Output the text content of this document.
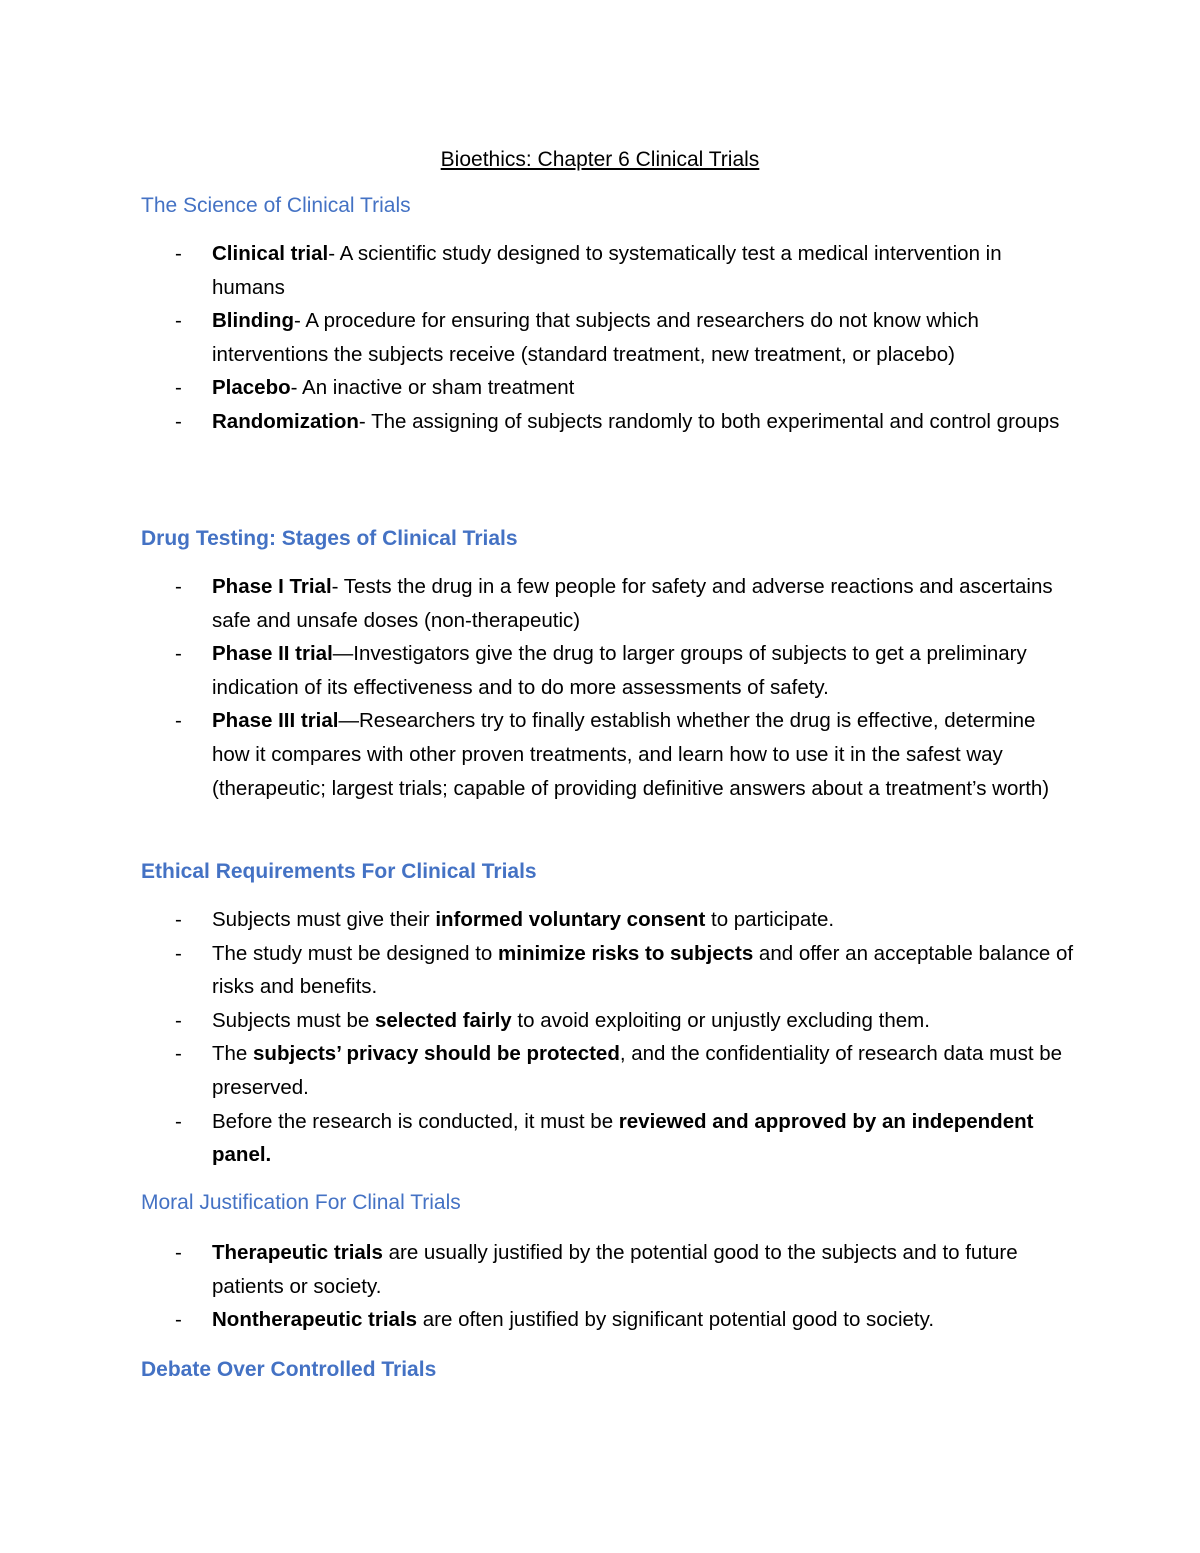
Bioethics: Chapter 6 Clinical Trials
The Science of Clinical Trials
- Clinical trial- A scientific study designed to systematically test a medical intervention in humans
- Blinding- A procedure for ensuring that subjects and researchers do not know which interventions the subjects receive (standard treatment, new treatment, or placebo)
- Placebo- An inactive or sham treatment
- Randomization- The assigning of subjects randomly to both experimental and control groups
Drug Testing: Stages of Clinical Trials
- Phase I Trial- Tests the drug in a few people for safety and adverse reactions and ascertains safe and unsafe doses (non-therapeutic)
- Phase II trial—Investigators give the drug to larger groups of subjects to get a preliminary indication of its effectiveness and to do more assessments of safety.
- Phase III trial—Researchers try to finally establish whether the drug is effective, determine how it compares with other proven treatments, and learn how to use it in the safest way (therapeutic; largest trials; capable of providing definitive answers about a treatment’s worth)
Ethical Requirements For Clinical Trials
- Subjects must give their informed voluntary consent to participate.
- The study must be designed to minimize risks to subjects and offer an acceptable balance of risks and benefits.
- Subjects must be selected fairly to avoid exploiting or unjustly excluding them.
- The subjects’ privacy should be protected, and the confidentiality of research data must be preserved.
- Before the research is conducted, it must be reviewed and approved by an independent panel.
Moral Justification For Clinal Trials
- Therapeutic trials are usually justified by the potential good to the subjects and to future patients or society.
- Nontherapeutic trials are often justified by significant potential good to society.
Debate Over Controlled Trials
